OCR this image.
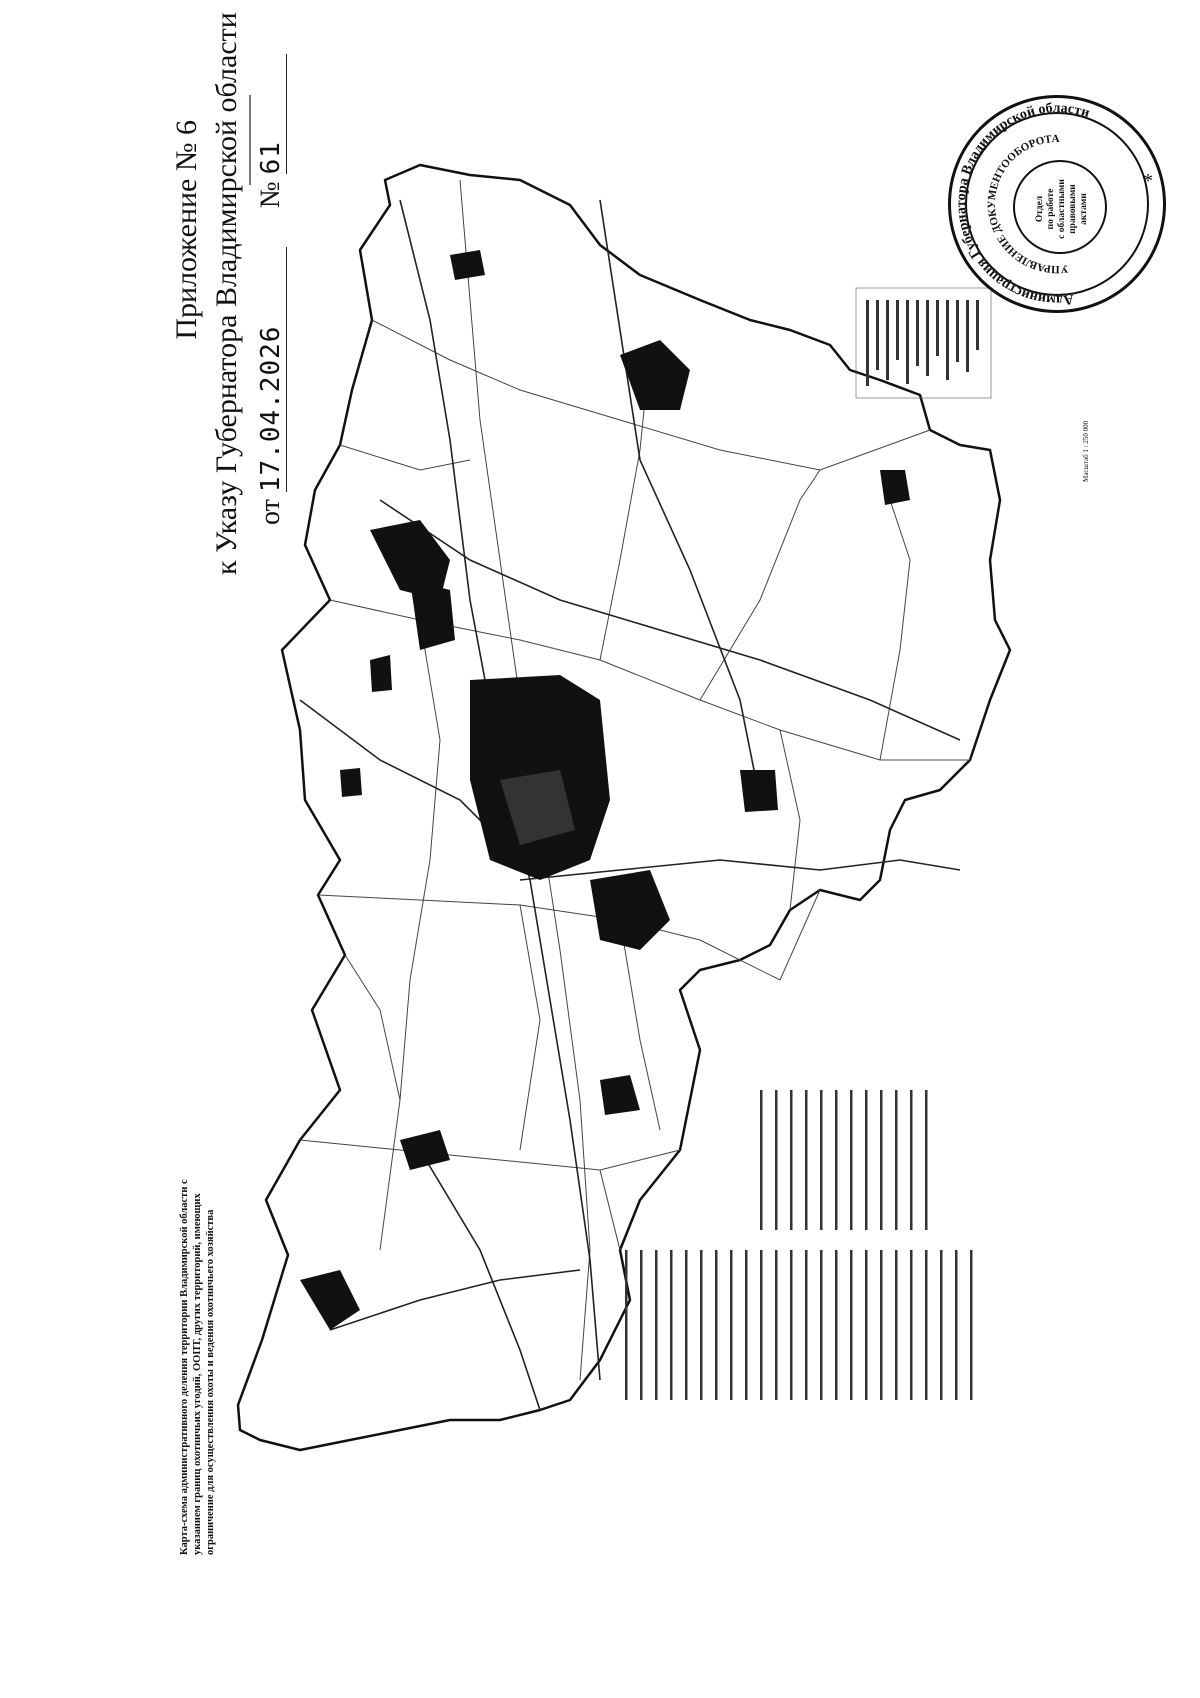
Приложение № 6 к Указу Губернатора Владимирской области от 17.04.2026 № 61
Карта-схема административного деления территории Владимирской области с указанием границ охотничьих угодий, ООПТ, других территорий, имеющих ограничение для осуществления охоты и ведения охотничьего хозяйства
Масштаб 1 : 250 000
Отдел по работе с областными правовыми актами
Администрация Губернатора Владимирской области
УПРАВЛЕНИЕ ДОКУМЕНТООБОРОТА
*
